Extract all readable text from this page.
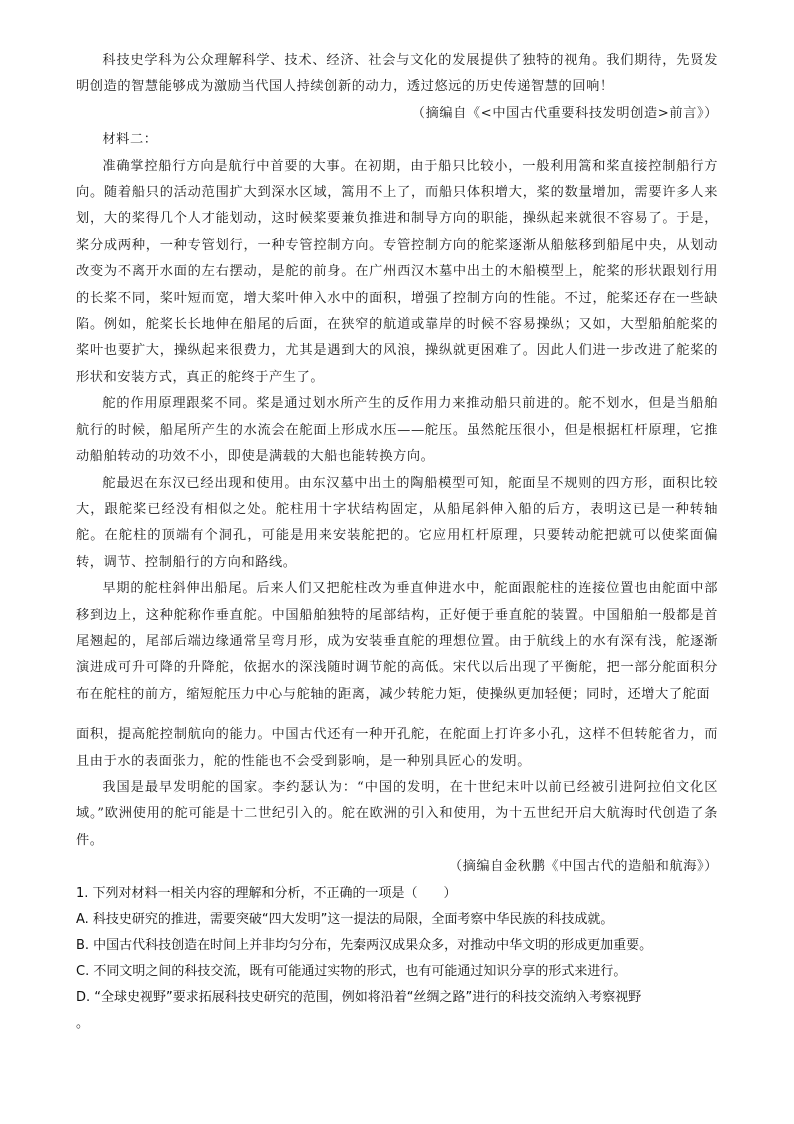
科技史学科为公众理解科学、技术、经济、社会与文化的发展提供了独特的视角。我们期待，先贤发明创造的智慧能够成为激励当代国人持续创新的动力，透过悠远的历史传递智慧的回响！

（摘编自《<中国古代重要科技发明创造>前言》）

材料二：

准确掌控船行方向是航行中首要的大事。在初期，由于船只比较小，一般利用篙和桨直接控制船行方向。随着船只的活动范围扩大到深水区域，篙用不上了，而船只体积增大，桨的数量增加，需要许多人来划，大的桨得几个人才能划动，这时候桨要兼负推进和制导方向的职能，操纵起来就很不容易了。于是，桨分成两种，一种专管划行，一种专管控制方向。专管控制方向的舵桨逐渐从船舷移到船尾中央，从划动改变为不离开水面的左右摆动，是舵的前身。在广州西汉木墓中出土的木船模型上，舵桨的形状跟划行用的长桨不同，桨叶短而宽，增大桨叶伸入水中的面积，增强了控制方向的性能。不过，舵桨还存在一些缺陷。例如，舵桨长长地伸在船尾的后面，在狭窄的航道或靠岸的时候不容易操纵；又如，大型船舶舵桨的桨叶也要扩大，操纵起来很费力，尤其是遇到大的风浪，操纵就更困难了。因此人们进一步改进了舵桨的形状和安装方式，真正的舵终于产生了。

舵的作用原理跟桨不同。桨是通过划水所产生的反作用力来推动船只前进的。舵不划水，但是当船舶航行的时候，船尾所产生的水流会在舵面上形成水压——舵压。虽然舵压很小，但是根据杠杆原理，它推动船舶转动的功效不小，即使是满载的大船也能转换方向。

舵最迟在东汉已经出现和使用。由东汉墓中出土的陶船模型可知，舵面呈不规则的四方形，面积比较大，跟舵桨已经没有相似之处。舵柱用十字状结构固定，从船尾斜伸入船的后方，表明这已是一种转轴舵。在舵柱的顶端有个洞孔，可能是用来安装舵把的。它应用杠杆原理，只要转动舵把就可以使桨面偏转，调节、控制船行的方向和路线。

早期的舵柱斜伸出船尾。后来人们又把舵柱改为垂直伸进水中，舵面跟舵柱的连接位置也由舵面中部移到边上，这种舵称作垂直舵。中国船舶独特的尾部结构，正好便于垂直舵的装置。中国船舶一般都是首尾翘起的，尾部后端边缘通常呈弯月形，成为安装垂直舵的理想位置。由于航线上的水有深有浅，舵逐渐演进成可升可降的升降舵，依据水的深浅随时调节舵的高低。宋代以后出现了平衡舵，把一部分舵面积分布在舵柱的前方，缩短舵压力中心与舵轴的距离，减少转舵力矩，使操纵更加轻便；同时，还增大了舵面

面积，提高舵控制航向的能力。中国古代还有一种开孔舵，在舵面上打许多小孔，这样不但转舵省力，而且由于水的表面张力，舵的性能也不会受到影响，是一种别具匠心的发明。

我国是最早发明舵的国家。李约瑟认为：“中国的发明，在十世纪末叶以前已经被引进阿拉伯文化区域。”欧洲使用的舵可能是十二世纪引入的。舵在欧洲的引入和使用，为十五世纪开启大航海时代创造了条件。

（摘编自金秋鹏《中国古代的造船和航海》）

1. 下列对材料一相关内容的理解和分析，不正确的一项是（　　）

A. 科技史研究的推进，需要突破“四大发明”这一提法的局限，全面考察中华民族的科技成就。

B. 中国古代科技创造在时间上并非均匀分布，先秦两汉成果众多，对推动中华文明的形成更加重要。

C. 不同文明之间的科技交流，既有可能通过实物的形式，也有可能通过知识分享的形式来进行。

D. “全球史视野”要求拓展科技史研究的范围，例如将沿着“丝绸之路”进行的科技交流纳入考察视野

。
